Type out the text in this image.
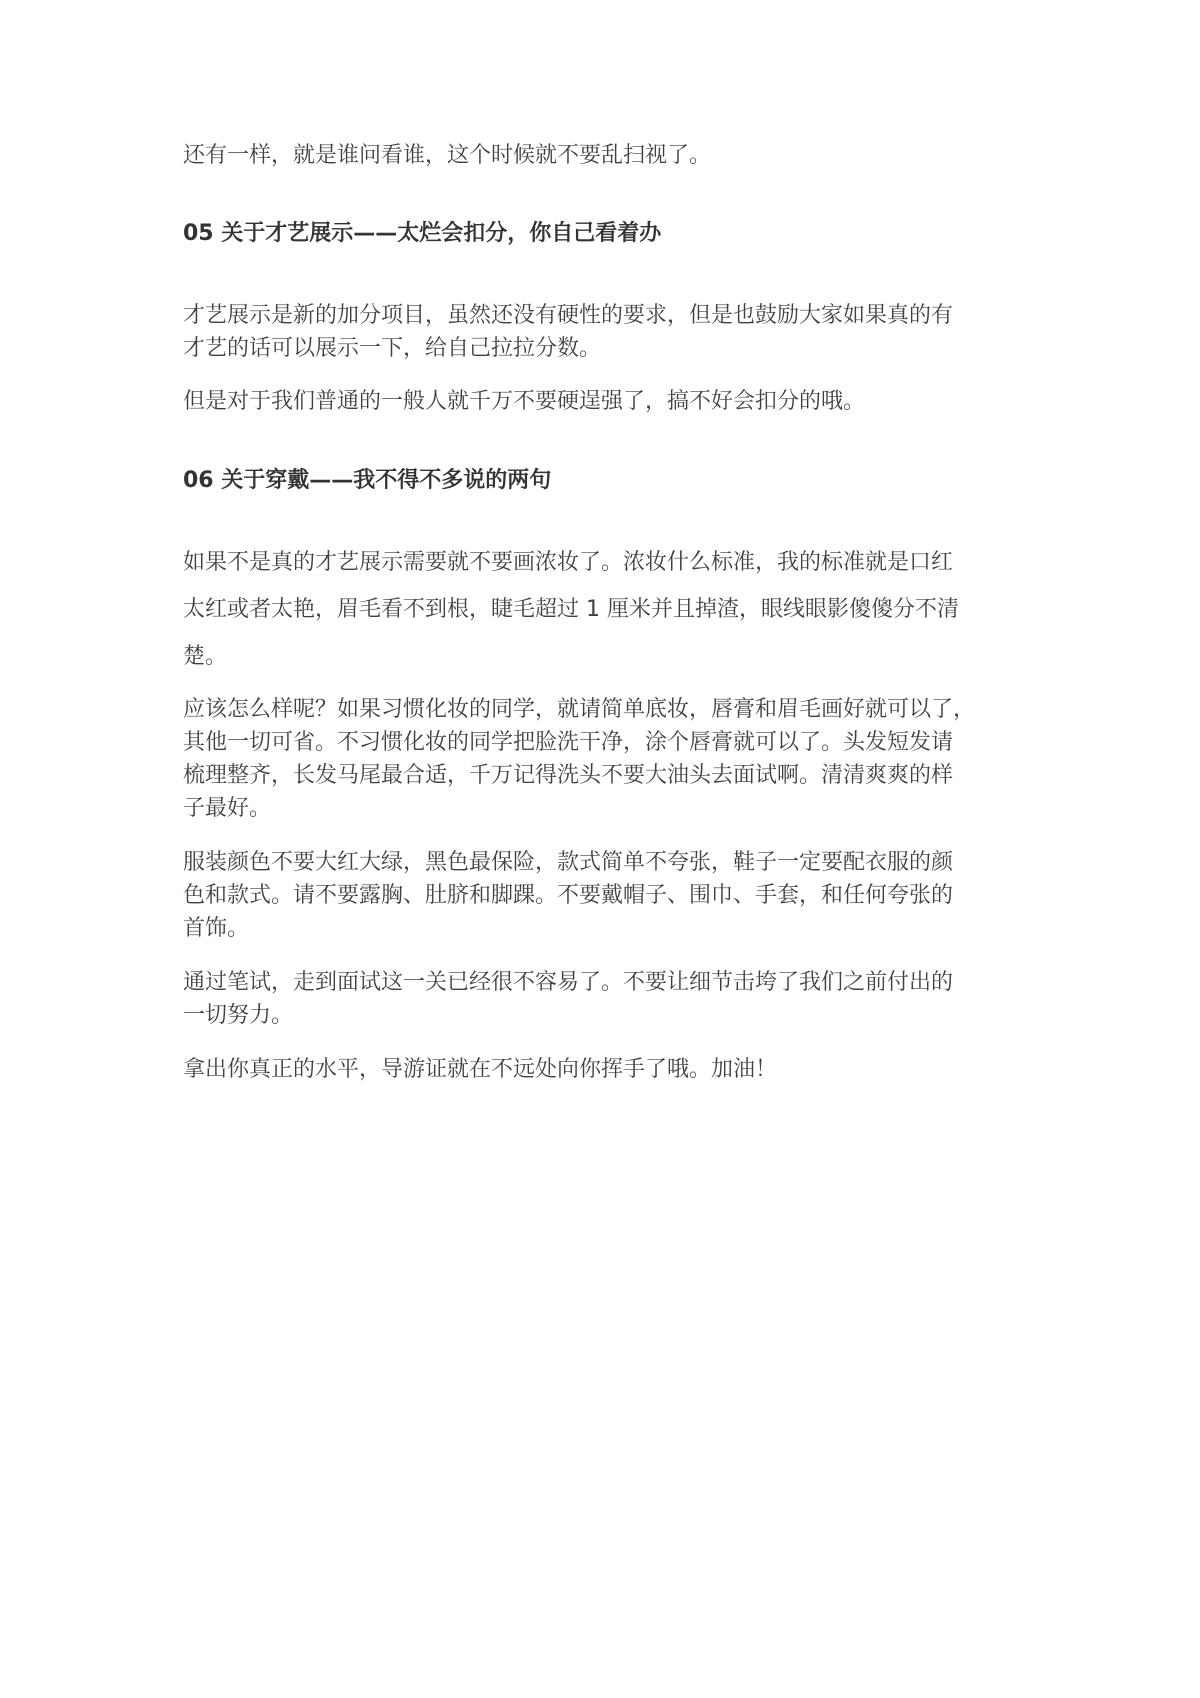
还有一样，就是谁问看谁，这个时候就不要乱扫视了。

05 关于才艺展示——太烂会扣分，你自己看着办

才艺展示是新的加分项目，虽然还没有硬性的要求，但是也鼓励大家如果真的有
才艺的话可以展示一下，给自己拉拉分数。

但是对于我们普通的一般人就千万不要硬逞强了，搞不好会扣分的哦。

06 关于穿戴——我不得不多说的两句

如果不是真的才艺展示需要就不要画浓妆了。浓妆什么标准，我的标准就是口红
太红或者太艳，眉毛看不到根，睫毛超过 1 厘米并且掉渣，眼线眼影傻傻分不清
楚。

应该怎么样呢？如果习惯化妆的同学，就请简单底妆，唇膏和眉毛画好就可以了，
其他一切可省。不习惯化妆的同学把脸洗干净，涂个唇膏就可以了。头发短发请
梳理整齐，长发马尾最合适，千万记得洗头不要大油头去面试啊。清清爽爽的样
子最好。

服装颜色不要大红大绿，黑色最保险，款式简单不夸张，鞋子一定要配衣服的颜
色和款式。请不要露胸、肚脐和脚踝。不要戴帽子、围巾、手套，和任何夸张的
首饰。

通过笔试，走到面试这一关已经很不容易了。不要让细节击垮了我们之前付出的
一切努力。

拿出你真正的水平，导游证就在不远处向你挥手了哦。加油！
